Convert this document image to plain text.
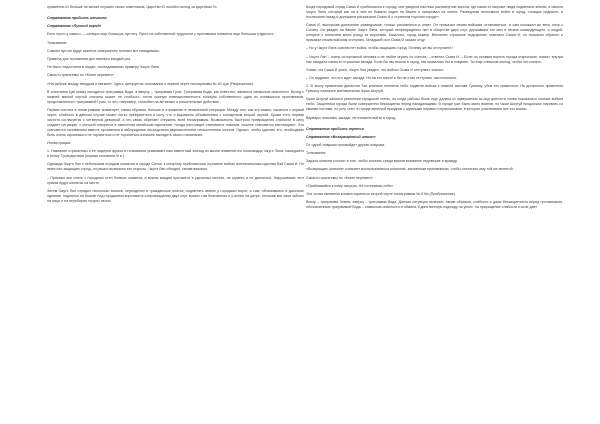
правитель Ю больше не желал слушать своих советников. Царство Ю погибло вслед за царством Го.

Стратагема прибыть отчасти

Стратагема «Пустой город»

Если пусто у самого — сотвори еще большую пустоту. Пусть из собственной трудности у противника появится еще большая трудность.

Толкование:

Совсем пустое вдруг кажется совершенно полным вот невидимым.

Правила для положения дел минного каждый раз.

Не было недостатка в людях, последовавших примеру Чжугэ Ляна.

Смысл стратагемы по «Книге перемен»:

«На рубеже между твердым и мягким». Здесь цитируется толкование к первой черте гексаграммы № 40 Цзе (Разрешение).

В сочетании Цзе книжу находится триграмма Вода, а вверху – триграмма Гром. Триграмма Вода, как известно, является символом опасности. Вслед с нижней мягкой чертой сначала может не слабость, почти полную невещественность позиции собственного одна из оставшихся противников, представленного триграммой Гром, то это, например, способен на активные и решительные действия.

Первая чистота в гексаграммах знаменует, таким образом, больше в отражении в неизменной операции. Между тем, как это важно, касается к первой черте, слабость в данном случае может легко превратиться в силу, что и выражено объявлением с соседством второй чертой. Кроме того, первая чистота согласуется с четвертой девяткой, а это связь обретает стержень всей гексаграммы. Возможность быстрого превращения слабости в силу создает ситуацию, с которой говорится в известном китайском изречении: «когда настоящее становится ложным, ложное становится настоящим». Это становится основанием вместе противника в заблуждение посредством двусмысленных неоконченных жестов. Однако, чтобы сделать это, необходимо быть очень скромным и не торопиться и не торопиться излишне выходить своего начинания.

Иллюстрации:

1. Название стратагемы и ее лидерея фраза в толковании указывают нам известный эпизод из жизни знаменитого полководца Чжугэ Ляна, нашедшего в этому Троецарствии (первая половина III в.).

Однажды Чжугэ Лян с небольшим отрядом оказался в городе Сичэн, к которому приблизилось огромное войско военачальника царства Вэй Сыма И. Не имея сил защищать город, он решил возможно его открыть. Чжугэ Лян обходил, своим важным:

– Прикажи все снять с городских стен боевые знамена, а воины каждая притаится в укромных местах, не шуметь и не двигаться. Нарушившие этот приказ будут казнены на месте.

Затем Чжугэ Лян отрядил несколько воинов, переодетых в гражданское платье, подметать землю у городских ворот, а сам, облачившись в даосское одеяние, поднялся на башню над городскими воротами в сопровождении двух слуг, возжег там благовония и у испил на цитре, отложив все свои заботы на лице и на перебирая струны песни.

Когда передовой отряд Сыма И приблизился к городу, они увидели настежь распахнутые ворота, где каких-то мирные люди подметали землю, а самого Чжугэ Ляна, который как ни в чем не бывало сидел на башне и наигрывал на лютне. Разведчики непосмели войти в город, стоящих подошел, а поспешили назад и доложили рассказали Сыма И о странном «пустом городе».

Сыма И, выслушав донесение разведчиков, только рассмеялся в ответ. Он приказал своим войскам остановиться, а сам поскакал во весь опор к Сичэну. Он увидел на башне Чжугэ Ляна, который непринужденно пел в обществе двух слуг, державших его меч и печать командующего, и людей, которые с понятием мели улицу за воротами. Казалось, город вымер. Внезапно страшное подозрение охватило Сыма И, он поскакал обратно и приказал своим войскам отступать. Младший сын Сыма И сказал отцу:

– Но у Чжугэ Ляна совсем нет войск, чтобы защищать город. Почему же вы отступаете?

– Чжугэ Лян – очень осторожный человек и не любит играть со счетом, – ответил Сыма И. – Если он оставил ворота города открытыми, значит, внутри нас ожидала какая-то страшная засада. Если бы мы вошли в город, мы оказались бы в ловушке. Ты еще слишком молод, чтобы это понять.

Узнав, что Сыма И ушел, Чжугэ Лян увидел, что войско Сыма И отступает, сказал:

– Он подумал, что его ждет засада. Но на его месте я бы не стал отступать так поспешно.

2. В эпоху правления династии Тан кочевые племена тюбо подвели войска к нижней заставе Гуачжоу, убив его правителя. На должность правителя Гуачжоу назначен военачальник Чжан Шоугуй.

Чжан Шоугуй занялся ремонтом городской стены, но когда работы были еще далеки от завершения из-под крепости снова показались конные войска тюбо. Защитники города были совершенно беззащитны перед нападающими. В городе уже было мало воинов, но Чжан Шоугуй продолжал пировать со своими гостями, по углу стен, в городе весёлый праздник с шумными пирами и музыкантами, в которых участвовали все его воины.

Варвары опасаясь засады, не посмели войти в город.

Стратагема прибыть третья

Стратагема «Возвращённый шпион»

От одной ловушки произойдет другая ловушка.

Толкование:

Задача шпиона состоит в том, чтобы посеять среди врагов взаимное недоверие и вражду.

«Возвращать шпиона» означает воспользоваться шпионом, засланным противником, чтобы отплатить ему той же монетой.

Смысл стратагемы по «Книге перемен»:

«Приближайся к нему изнутри. Не потеряешь себя».

Эти слова являются комментарием ко второй черте гексаграммы № 8 Би (Приближение).

Внизу – триграмма Земля, вверху – триграмма Вода. Данная ситуация означает, таким образом, слабость и даже беззащитность перед противником, обозначенным триграммой Вода – символом опасности и обмана. Единственную надежду на успех, на приращение слабости к силе дает
